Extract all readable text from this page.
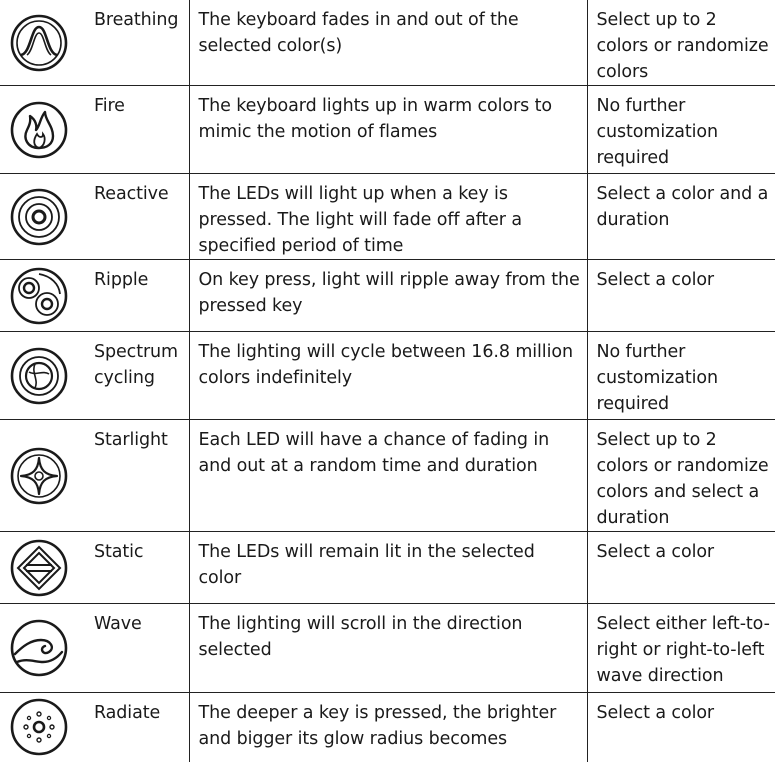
	Breathing	The keyboard fades in and out of the selected color(s)	Select up to 2 colors or randomize colors

	Fire	The keyboard lights up in warm colors to mimic the motion of flames	No further customization required

	Reactive	The LEDs will light up when a key is pressed. The light will fade off after a specified period of time	Select a color and a duration

	Ripple	On key press, light will ripple away from the pressed key	Select a color

	Spectrum cycling	The lighting will cycle between 16.8 million colors indefinitely	No further customization required

	Starlight	Each LED will have a chance of fading in and out at a random time and duration	Select up to 2 colors or randomize colors and select a duration

	Static	The LEDs will remain lit in the selected color	Select a color

	Wave	The lighting will scroll in the direction selected	Select either left-to-right or right-to-left wave direction

	Radiate	The deeper a key is pressed, the brighter and bigger its glow radius becomes	Select a color
